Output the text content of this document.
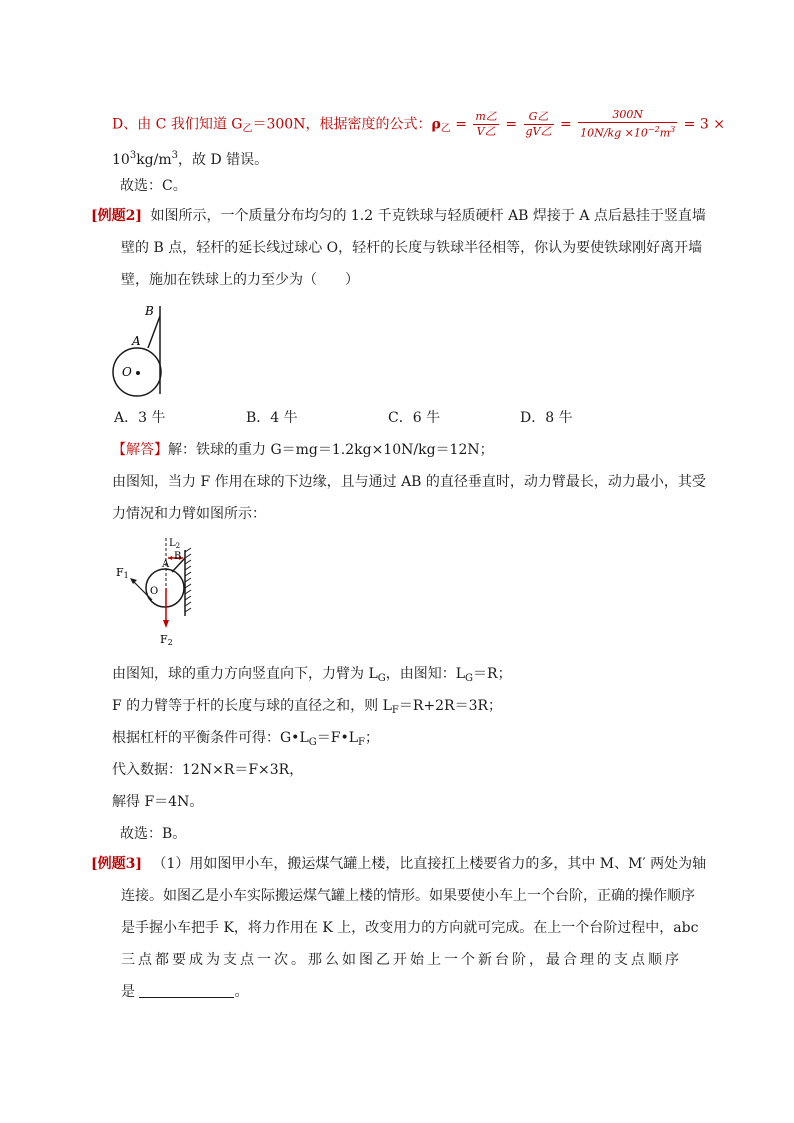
D、由 C 我们知道 $G_乙=300N$，根据密度的公式：$\rho_乙 = \frac{\text{m乙}}{\text{V乙}} = \frac{\text{G乙}}{\text{gV乙}} = \frac{300N}{10N/kg \times 10^{-2}m^3} = 3$ ×
$10^3kg/m^3$，故 D 错误。
故选：C。
[例题2] 如图所示，一个质量分布均匀的 1.2 千克铁球与轻质硬杆 AB 焊接于 A 点后悬挂于竖直墙
壁的 B 点，轻杆的延长线过球心 O，轻杆的长度与铁球半径相等，你认为要使铁球刚好离开墙
壁，施加在铁球上的力至少为（　　）
B
A
O
A．3 牛	B．4 牛	C．6 牛	D．8 牛
【解答】解：铁球的重力 G＝mg＝1.2kg×10N/kg＝12N；
由图知，当力 F 作用在球的下边缘，且与通过 AB 的直径垂直时，动力臂最长，动力最小，其受
力情况和力臂如图所示：
$L_2$
B
A
F1
O
F2
由图知，球的重力方向竖直向下，力臂为 $L_G$，由图知：$L_G=R$；
F 的力臂等于杆的长度与球的直径之和，则 $L_F=R+2R=3R$；
根据杠杆的平衡条件可得：$G•L_G=F•L_F$；
代入数据：12N×R＝F×3R，
解得 F＝4N。
故选：B。
[例题3] （1）用如图甲小车，搬运煤气罐上楼，比直接扛上楼要省力的多，其中 M、M′ 两处为轴
连接。如图乙是小车实际搬运煤气罐上楼的情形。如果要使小车上一个台阶，正确的操作顺序
是手握小车把手 K，将力作用在 K 上，改变用力的方向就可完成。在上一个台阶过程中，abc
三点都要成为支点一次。那么如图乙开始上一个新台阶，最合理的支点顺序
是	。
